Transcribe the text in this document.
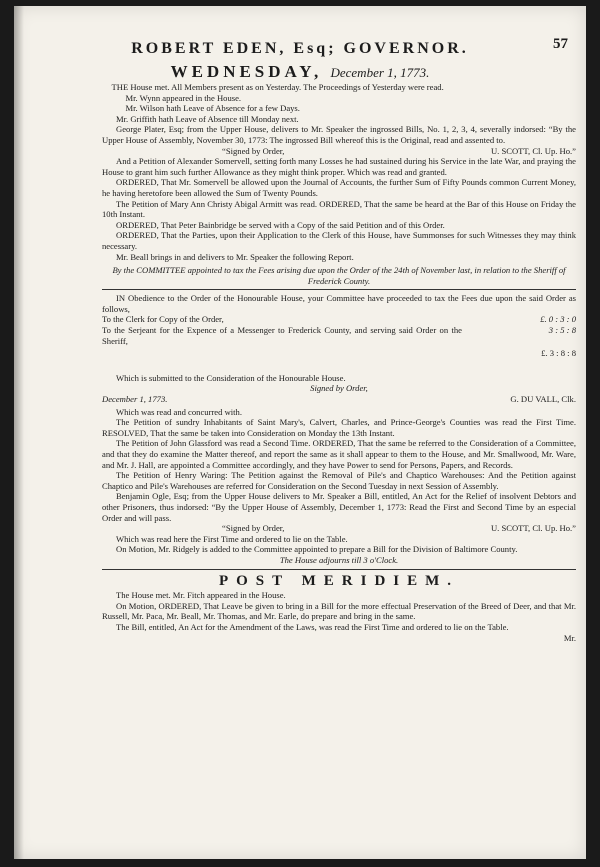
57
ROBERT EDEN, Esq; GOVERNOR.
WEDNESDAY, December 1, 1773.

THE House met. All Members present as on Yesterday. The Proceedings of Yesterday were read.

Mr. Wynn appeared in the House.

Mr. Wilson hath Leave of Absence for a few Days.

Mr. Griffith hath Leave of Absence till Monday next.

George Plater, Esq; from the Upper House, delivers to Mr. Speaker the ingrossed Bills, No. 1, 2, 3, 4, severally indorsed: “By the Upper House of Assembly, November 30, 1773: The ingrossed Bill whereof this is the Original, read and assented to.

“Signed by Order,	U. SCOTT, Cl. Up. Ho.”

And a Petition of Alexander Somervell, setting forth many Losses he had sustained during his Service in the late War, and praying the House to grant him such further Allowance as they might think proper. Which was read and granted.

ORDERED, That Mr. Somervell be allowed upon the Journal of Accounts, the further Sum of Fifty Pounds common Current Money, he having heretofore been allowed the Sum of Twenty Pounds.

The Petition of Mary Ann Christy Abigal Armitt was read. ORDERED, That the same be heard at the Bar of this House on Friday the 10th Instant.

ORDERED, That Peter Bainbridge be served with a Copy of the said Petition and of this Order.

ORDERED, That the Parties, upon their Application to the Clerk of this House, have Summonses for such Witnesses they may think necessary.

Mr. Beall brings in and delivers to Mr. Speaker the following Report.

By the COMMITTEE appointed to tax the Fees arising due upon the Order of the 24th of November last, in relation to the Sheriff of Frederick County.

IN Obedience to the Order of the Honourable House, your Committee have proceeded to tax the Fees due upon the said Order as follows,

To the Clerk for Copy of the Order,	£. 0 : 3 : 0
To the Serjeant for the Expence of a Messenger to Frederick County, and serving said Order on the Sheriff,
3 : 5 : 8
£. 3 : 8 : 8

Which is submitted to the Consideration of the Honourable House.

Signed by Order,

December 1, 1773.	G. DU VALL, Clk.

Which was read and concurred with.

The Petition of sundry Inhabitants of Saint Mary's, Calvert, Charles, and Prince-George's Counties was read the First Time. RESOLVED, That the same be taken into Consideration on Monday the 13th Instant.

The Petition of John Glassford was read a Second Time. ORDERED, That the same be referred to the Consideration of a Committee, and that they do examine the Matter thereof, and report the same as it shall appear to them to the House, and Mr. Smallwood, Mr. Ware, and Mr. J. Hall, are appointed a Committee accordingly, and they have Power to send for Persons, Papers, and Records.

The Petition of Henry Waring: The Petition against the Removal of Pile's and Chaptico Warehouses: And the Petition against Chaptico and Pile's Warehouses are referred for Consideration on the Second Tuesday in next Session of Assembly.

Benjamin Ogle, Esq; from the Upper House delivers to Mr. Speaker a Bill, entitled, An Act for the Relief of insolvent Debtors and other Prisoners, thus indorsed: “By the Upper House of Assembly, December 1, 1773: Read the First and Second Time by an especial Order and will pass.

“Signed by Order,	U. SCOTT, Cl. Up. Ho.”

Which was read here the First Time and ordered to lie on the Table.

On Motion, Mr. Ridgely is added to the Committee appointed to prepare a Bill for the Division of Baltimore County.

The House adjourns till 3 o'Clock.

POST MERIDIEM.

The House met. Mr. Fitch appeared in the House.

On Motion, ORDERED, That Leave be given to bring in a Bill for the more effectual Preservation of the Breed of Deer, and that Mr. Russell, Mr. Paca, Mr. Beall, Mr. Thomas, and Mr. Earle, do prepare and bring in the same.

The Bill, entitled, An Act for the Amendment of the Laws, was read the First Time and ordered to lie on the Table.

Mr.
